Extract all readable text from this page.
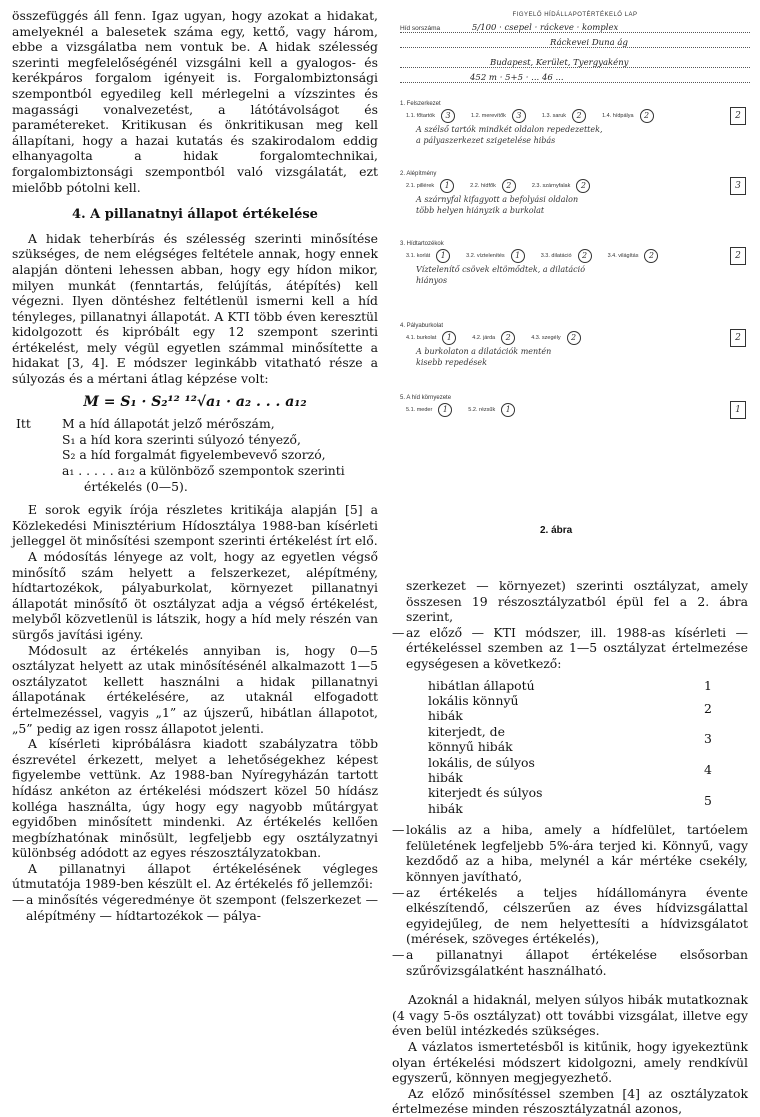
összefüggés áll fenn. Igaz ugyan, hogy azokat a hidakat, amelyeknél a balesetek száma egy, kettő, vagy három, ebbe a vizsgálatba nem vontuk be. A hidak szélesség szerinti megfelelőségénél vizsgálni kell a gyalogos- és kerékpáros forgalom igényeit is. Forgalombiztonsági szempontból egyedileg kell mérlegelni a vízszintes és magassági vonalvezetést, a látótávolságot és paramétereket. Kritikusan és önkritikusan meg kell állapítani, hogy a hazai kutatás és szakirodalom eddig elhanyagolta a hidak forgalomtechnikai, forgalombiztonsági szempontból való vizsgálatát, ezt mielőbb pótolni kell.

4. A pillanatnyi állapot értékelése

A hidak teherbírás és szélesség szerinti minősítése szükséges, de nem elégséges feltétele annak, hogy ennek alapján dönteni lehessen abban, hogy egy hídon mikor, milyen munkát (fenntartás, felújítás, átépítés) kell végezni. Ilyen döntéshez feltétlenül ismerni kell a híd tényleges, pillanatnyi állapotát. A KTI több éven keresztül kidolgozott és kipróbált egy 12 szempont szerinti értékelést, mely végül egyetlen számmal minősítette a hidakat [3, 4]. E módszer leginkább vitatható része a súlyozás és a mértani átlag képzése volt:

M = S₁ · S₂¹² ¹²√a₁ · a₂ . . . a₁₂
Itt	M a híd állapotát jelző mérőszám,
S₁ a híd kora szerinti súlyozó tényező,
S₂ a híd forgalmát figyelembevevő szorzó,
a₁ . . . . . a₁₂ a különböző szempontok szerinti értékelés (0—5).

E sorok egyik írója részletes kritikája alapján [5] a Közlekedési Minisztérium Hídosztálya 1988-ban kísérleti jelleggel öt minősítési szempont szerinti értékelést írt elő.

A módosítás lényege az volt, hogy az egyetlen végső minősítő szám helyett a felszerkezet, alépítmény, hídtartozékok, pályaburkolat, környezet pillanatnyi állapotát minősítő öt osztályzat adja a végső értékelést, melyből közvetlenül is látszik, hogy a híd mely részén van sürgős javítási igény.

Módosult az értékelés annyiban is, hogy 0—5 osztályzat helyett az utak minősítésénél alkalmazott 1—5 osztályzatot kellett használni a hidak pillanatnyi állapotának értékelésére, az utaknál elfogadott értelmezéssel, vagyis „1” az újszerű, hibátlan állapotot, „5” pedig az igen rossz állapotot jelenti.

A kísérleti kipróbálásra kiadott szabályzatra több észrevétel érkezett, melyet a lehetőségekhez képest figyelembe vettünk. Az 1988-ban Nyíregyházán tartott hídász ankéton az értékelési módszert közel 50 hídász kolléga használta, úgy hogy egy nagyobb műtárgyat egyidőben minősített mindenki. Az értékelés kellően megbízhatónak minősült, legfeljebb egy osztályzatnyi különbség adódott az egyes részosztályzatokban.

A pillanatnyi állapot értékelésének végleges útmutatója 1989-ben készült el. Az értékelés fő jellemzői:

— a minősítés végeredménye öt szempont (felszerkezet — alépítmény — hídtartozékok — pálya-
FIGYELŐ HÍDÁLLAPOTÉRTÉKELŐ LAP
Híd sorszáma	5/100 · csepel · ráckeve · komplex
Ráckevei Duna ág
Budapest, Kerület, Tyergyakény
452 m · 5+5 · ... 46 ...
1. Felszerkezet
1.1. főtartók	3	1.2. merevítők	3	1.3. saruk	2	1.4. hídpálya	2	2
A szélső tartók mindkét oldalon repedezettek,
a pályaszerkezet szigetelése hibás
2. Alépítmény
2.1. pillérek	1	2.2. hídfők	2	2.3. szárnyfalak	2	3
A szárnyfal kifagyott a befolyási oldalon
több helyen hiányzik a burkolat
3. Hídtartozékok
3.1. korlát	1	3.2. víztelenítés	1	3.3. dilatáció	2	3.4. világítás	2	2
Víztelenítő csövek eltömődtek, a dilatáció
hiányos
4. Pályaburkolat
4.1. burkolat	1	4.2. járda	2	4.3. szegély	2	2
A burkolaton a dilatációk mentén
kisebb repedések
5. A híd környezete
5.1. meder	1	5.2. rézsűk	1	1
2. ábra

szerkezet — környezet) szerinti osztályzat, amely összesen 19 részosztályzatból épül fel a 2. ábra szerint,

— az előző — KTI módszer, ill. 1988-as kísérleti — értékeléssel szemben az 1—5 osztályzat értelmezése egységesen a következő:
hibátlan állapotú	1
lokális könnyű hibák	2
kiterjedt, de könnyű hibák	3
lokális, de súlyos hibák	4
kiterjedt és súlyos hibák	5
— lokális az a hiba, amely a hídfelület, tartóelem felületének legfeljebb 5%-ára terjed ki. Könnyű, vagy kezdődő az a hiba, melynél a kár mértéke csekély, könnyen javítható,
— az értékelés a teljes hídállományra évente elkészítendő, célszerűen az éves hídvizsgálattal egyidejűleg, de nem helyettesíti a hídvizsgálatot (mérések, szöveges értékelés),
— a pillanatnyi állapot értékelése elsősorban szűrővizsgálatként használható.

Azoknál a hidaknál, melyen súlyos hibák mutatkoznak (4 vagy 5-ös osztályzat) ott további vizsgálat, illetve egy éven belül intézkedés szükséges.

A vázlatos ismertetésből is kitűnik, hogy igyekeztünk olyan értékelési módszert kidolgozni, amely rendkívül egyszerű, könnyen megjegyezhető.

Az előző minősítéssel szemben [4] az osztályzatok értelmezése minden részosztályzatnál azonos,
